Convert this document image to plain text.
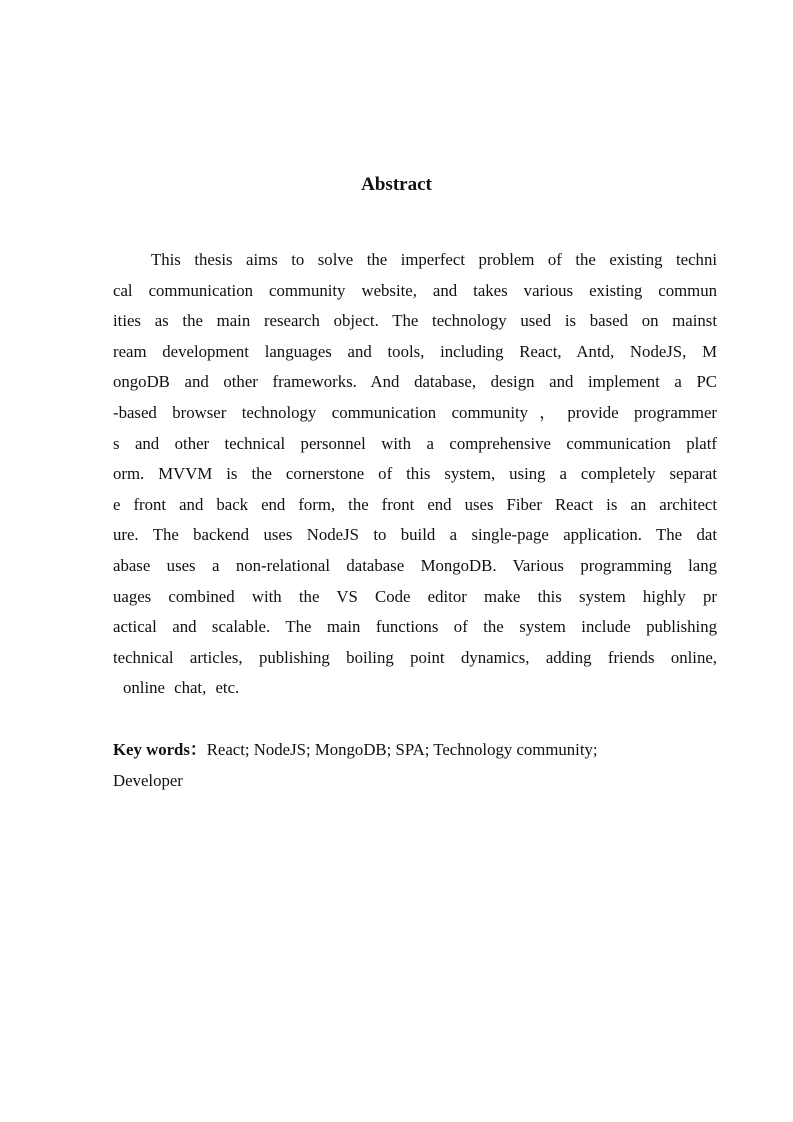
Abstract
This thesis aims to solve the imperfect problem of the existing techni
cal communication community website, and takes various existing commun
ities as the main research object. The technology used is based on mainst
ream development languages and tools, including React, Antd, NodeJS, M
ongoDB and other frameworks. And database, design and implement a PC
-based browser technology communication community，provide programmer
s and other technical personnel with a comprehensive communication platf
orm. MVVM is the cornerstone of this system, using a completely separat
e front and back end form, the front end uses Fiber React is an architect
ure. The backend uses NodeJS to build a single-page application. The dat
abase uses a non-relational database MongoDB. Various programming lang
uages combined with the VS Code editor make this system highly pr
actical and scalable. The main functions of the system include publishing
technical articles, publishing boiling point dynamics, adding friends online,
online chat, etc.
Key words：React; NodeJS; MongoDB; SPA; Technology community;
Developer
